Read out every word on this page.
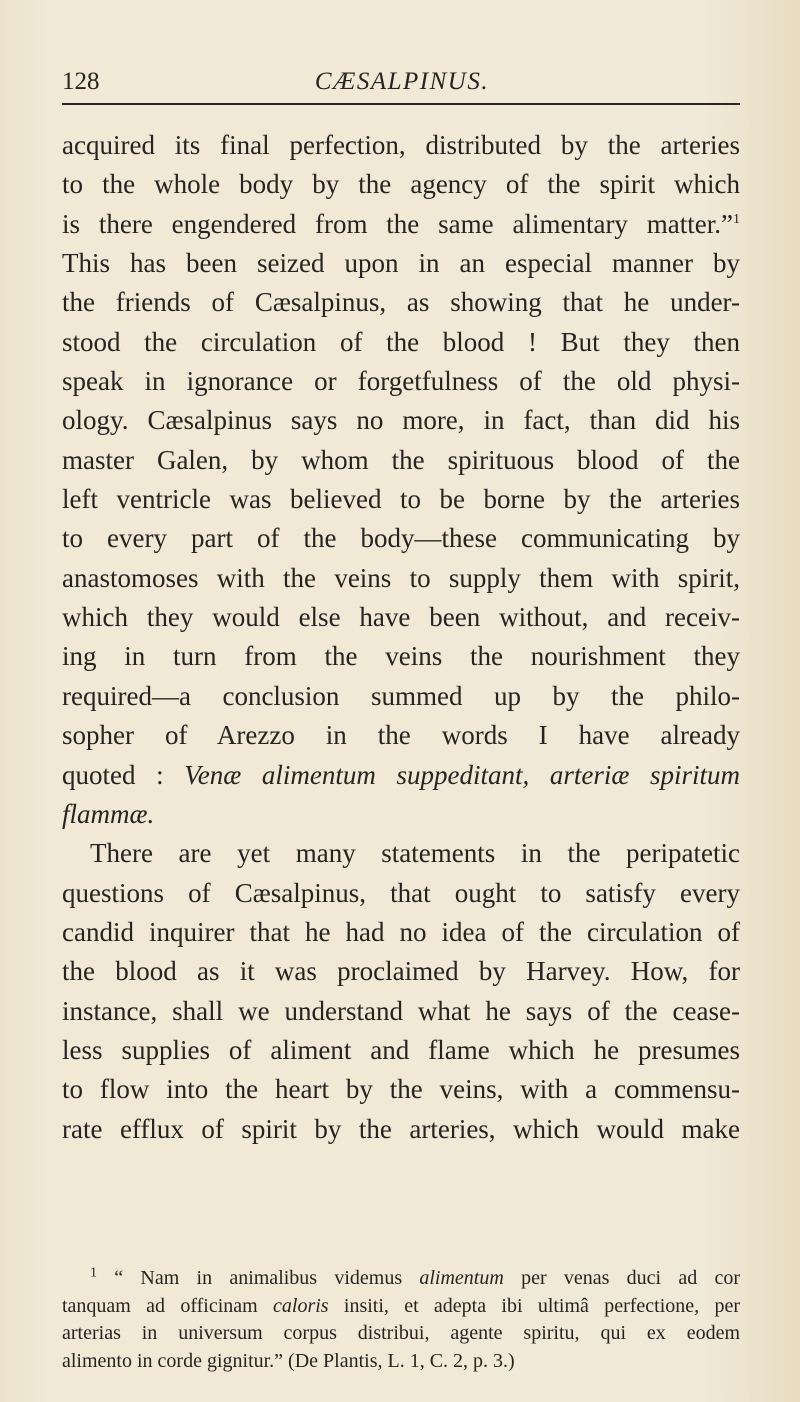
128	CÆSALPINUS.
acquired its final perfection, distributed by the arteries
to the whole body by the agency of the spirit which
is there engendered from the same alimentary matter.”$^1$
This has been seized upon in an especial manner by
the friends of Cæsalpinus, as showing that he under-
stood the circulation of the blood ! But they then
speak in ignorance or forgetfulness of the old physi-
ology. Cæsalpinus says no more, in fact, than did his
master Galen, by whom the spirituous blood of the
left ventricle was believed to be borne by the arteries
to every part of the body—these communicating by
anastomoses with the veins to supply them with spirit,
which they would else have been without, and receiv-
ing in turn from the veins the nourishment they
required—a conclusion summed up by the philo-
sopher of Arezzo in the words I have already
quoted : Venæ alimentum suppeditant, arteriæ spiritum
flammæ.
There are yet many statements in the peripatetic
questions of Cæsalpinus, that ought to satisfy every
candid inquirer that he had no idea of the circulation of
the blood as it was proclaimed by Harvey. How, for
instance, shall we understand what he says of the cease-
less supplies of aliment and flame which he presumes
to flow into the heart by the veins, with a commensu-
rate efflux of spirit by the arteries, which would make
$^1$ “ Nam in animalibus videmus alimentum per venas duci ad cor
tanquam ad officinam caloris insiti, et adepta ibi ultimâ perfectione, per
arterias in universum corpus distribui, agente spiritu, qui ex eodem
alimento in corde gignitur.” (De Plantis, L. 1, C. 2, p. 3.)
